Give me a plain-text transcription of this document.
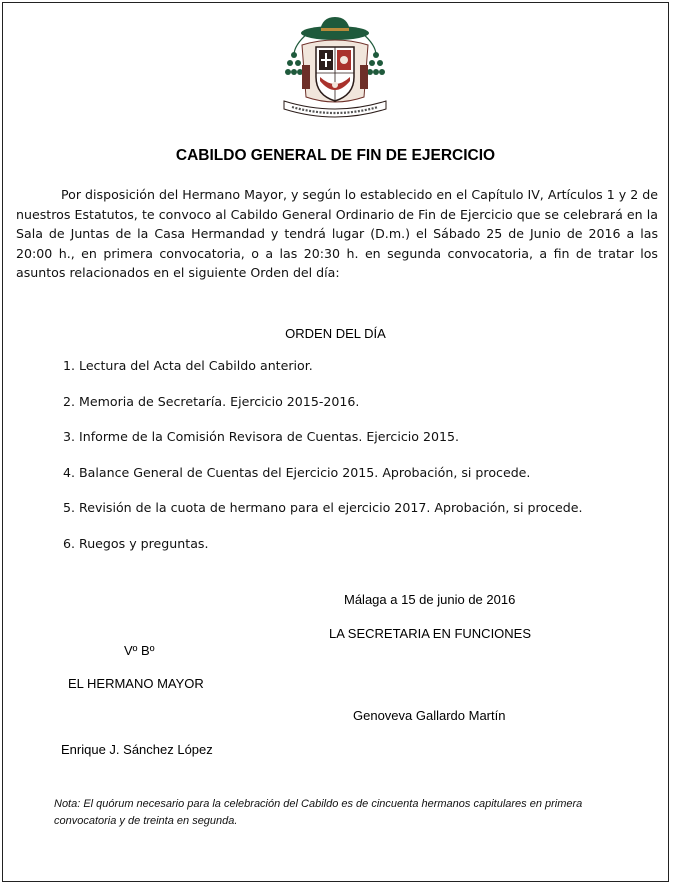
CABILDO GENERAL DE FIN DE EJERCICIO

Por disposición del Hermano Mayor, y según lo establecido en el Capítulo IV, Artículos 1 y 2 de nuestros Estatutos, te convoco al Cabildo General Ordinario de Fin de Ejercicio que se celebrará en la Sala de Juntas de la Casa Hermandad y tendrá lugar (D.m.) el Sábado 25 de Junio de 2016 a las 20:00 h., en primera convocatoria, o a las 20:30 h. en segunda convocatoria, a fin de tratar los asuntos relacionados en el siguiente Orden del día:

ORDEN DEL DÍA
1. Lectura del Acta del Cabildo anterior.
2. Memoria de Secretaría. Ejercicio 2015-2016.
3. Informe de la Comisión Revisora de Cuentas. Ejercicio 2015.
4. Balance General de Cuentas del Ejercicio 2015. Aprobación, si procede.
5. Revisión de la cuota de hermano para el ejercicio 2017. Aprobación, si procede.
6. Ruegos y preguntas.
Málaga a 15 de junio de 2016
LA SECRETARIA EN FUNCIONES
Vº Bº
EL HERMANO MAYOR
Genoveva Gallardo Martín
Enrique J. Sánchez López
Nota: El quórum necesario para la celebración del Cabildo es de cincuenta hermanos capitulares en primera convocatoria y de treinta en segunda.
